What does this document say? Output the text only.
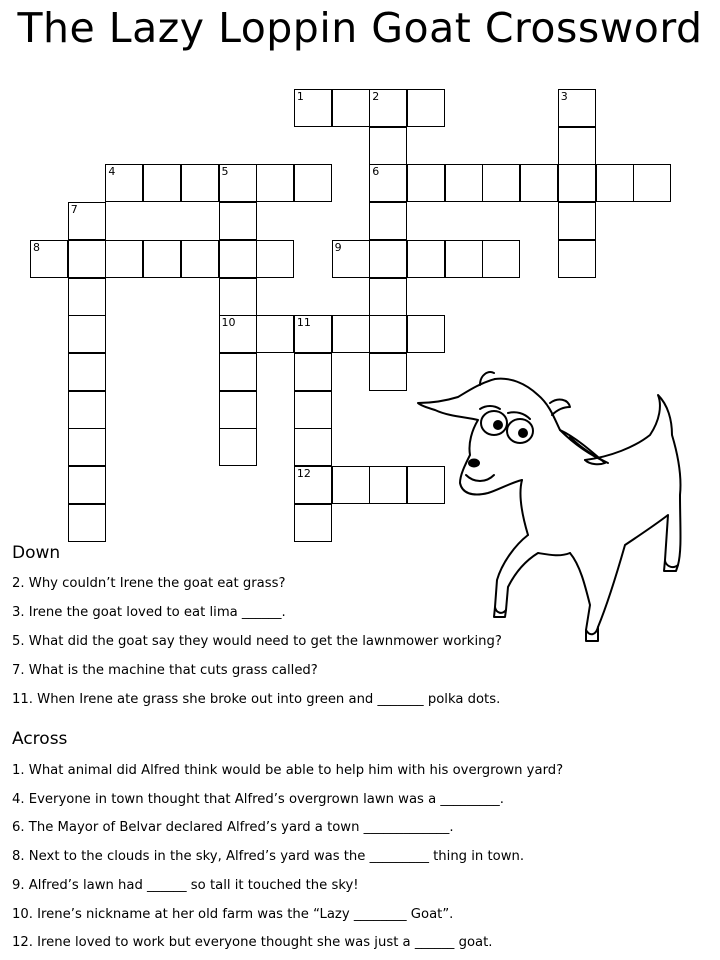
The Lazy Loppin Goat Crossword
1	2
6
3
4	5
10
7
8	9
11
12
Down
2. Why couldn’t Irene the goat eat grass?
3. Irene the goat loved to eat lima ______.
5. What did the goat say they would need to get the lawnmower working?
7. What is the machine that cuts grass called?
11. When Irene ate grass she broke out into green and _______ polka dots.
Across
1. What animal did Alfred think would be able to help him with his overgrown yard?
4. Everyone in town thought that Alfred’s overgrown lawn was a _________.
6. The Mayor of Belvar declared Alfred’s yard a town _____________.
8. Next to the clouds in the sky, Alfred’s yard was the _________ thing in town.
9. Alfred’s lawn had ______ so tall it touched the sky!
10. Irene’s nickname at her old farm was the “Lazy ________ Goat”.
12. Irene loved to work but everyone thought she was just a ______ goat.
